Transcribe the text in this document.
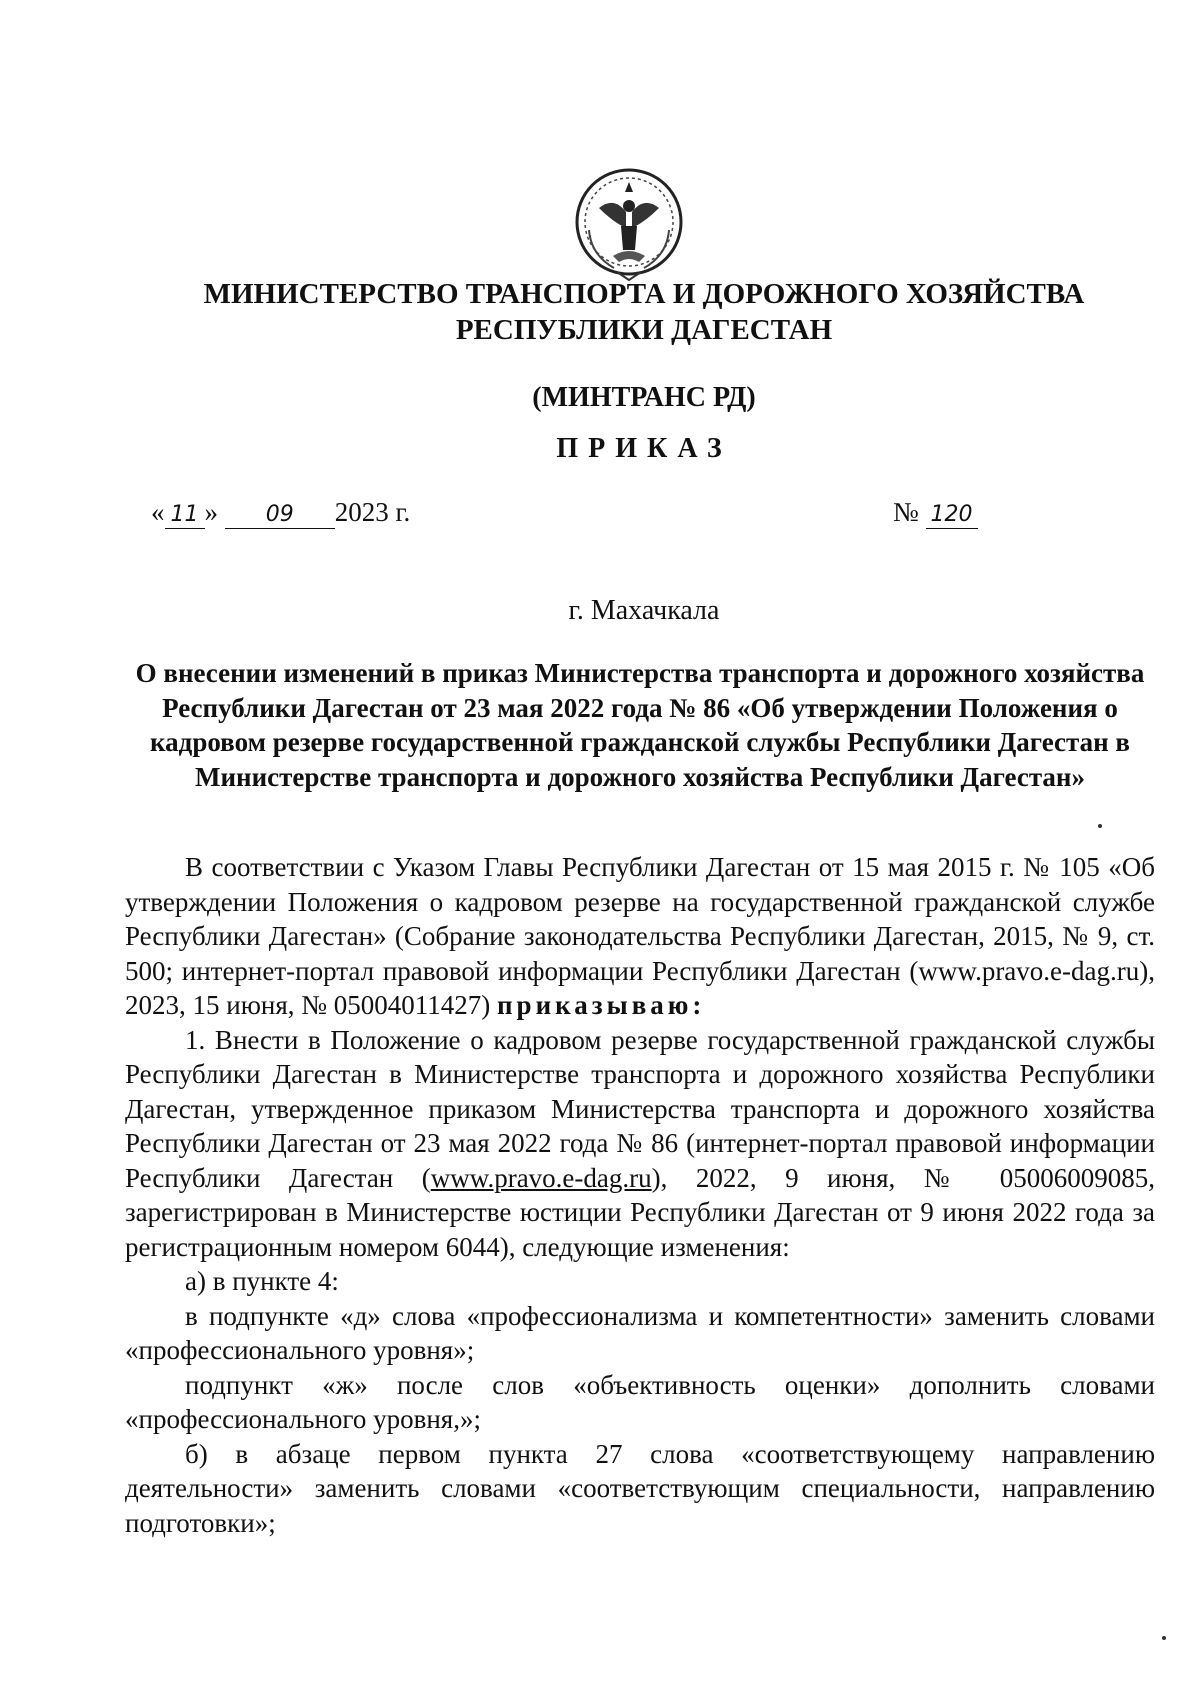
МИНИСТЕРСТВО ТРАНСПОРТА И ДОРОЖНОГО ХОЗЯЙСТВА
РЕСПУБЛИКИ ДАГЕСТАН
(МИНТРАНС РД)
ПРИКАЗ
« 11 » 09 2023 г.	№ 120
г. Махачкала
О внесении изменений в приказ Министерства транспорта и дорожного хозяйства Республики Дагестан от 23 мая 2022 года № 86 «Об утверждении Положения о кадровом резерве государственной гражданской службы Республики Дагестан в Министерстве транспорта и дорожного хозяйства Республики Дагестан»

В соответствии с Указом Главы Республики Дагестан от 15 мая 2015 г. № 105 «Об утверждении Положения о кадровом резерве на государственной гражданской службе Республики Дагестан» (Собрание законодательства Республики Дагестан, 2015, № 9, ст. 500; интернет-портал правовой информации Республики Дагестан (www.pravo.e-dag.ru), 2023, 15 июня, № 05004011427) приказываю:

1. Внести в Положение о кадровом резерве государственной гражданской службы Республики Дагестан в Министерстве транспорта и дорожного хозяйства Республики Дагестан, утвержденное приказом Министерства транспорта и дорожного хозяйства Республики Дагестан от 23 мая 2022 года № 86 (интернет-портал правовой информации Республики Дагестан (www.pravo.e-dag.ru), 2022, 9 июня, № 05006009085, зарегистрирован в Министерстве юстиции Республики Дагестан от 9 июня 2022 года за регистрационным номером 6044), следующие изменения:

а) в пункте 4:

в подпункте «д» слова «профессионализма и компетентности» заменить словами «профессионального уровня»;

подпункт «ж» после слов «объективность оценки» дополнить словами «профессионального уровня,»;

б) в абзаце первом пункта 27 слова «соответствующему направлению деятельности» заменить словами «соответствующим специальности, направлению подготовки»;
